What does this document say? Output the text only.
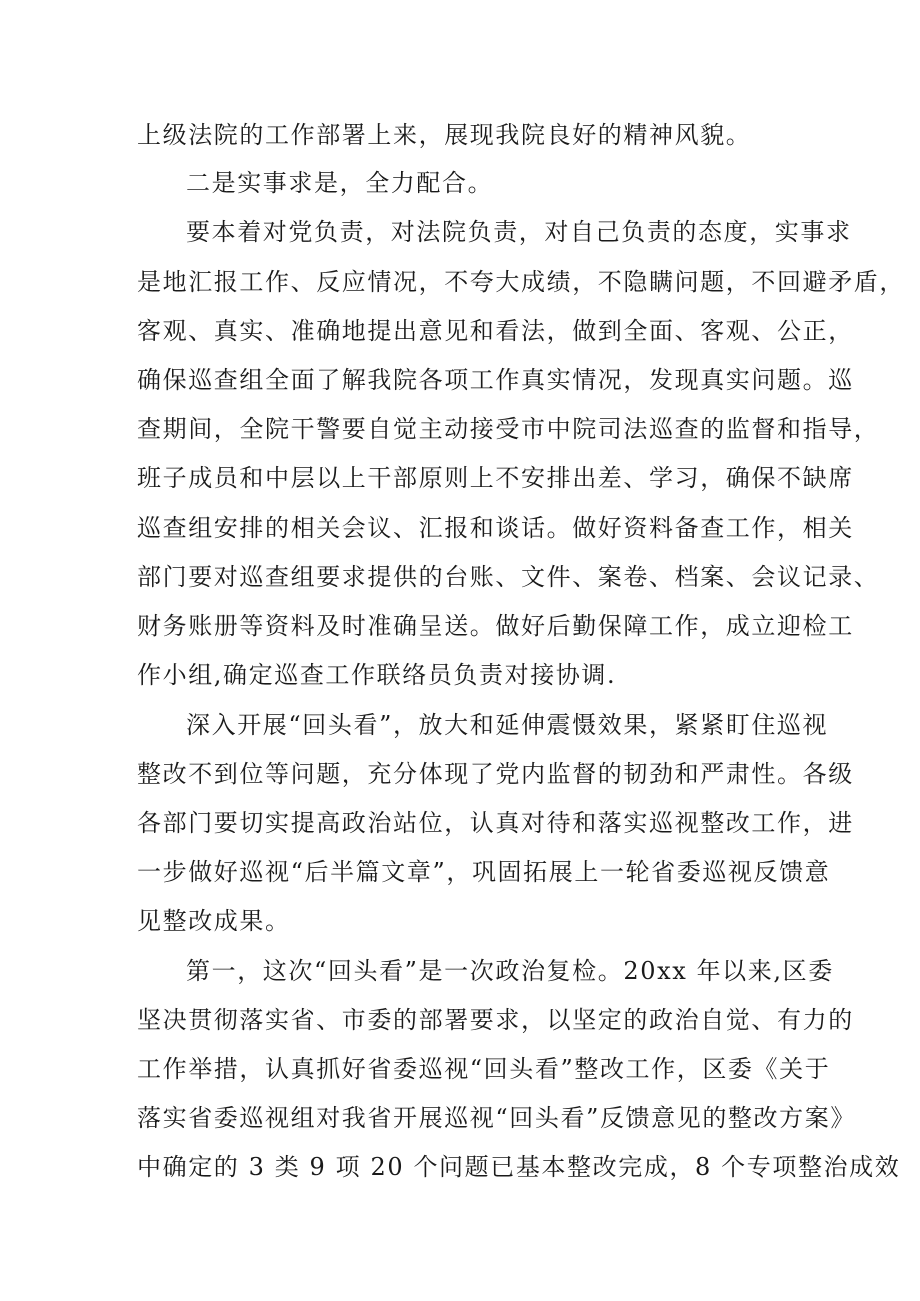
上级法院的工作部署上来，展现我院良好的精神风貌。
二是实事求是，全力配合。
要本着对党负责，对法院负责，对自己负责的态度，实事求
是地汇报工作、反应情况，不夸大成绩，不隐瞒问题，不回避矛盾，
客观、真实、准确地提出意见和看法，做到全面、客观、公正，
确保巡查组全面了解我院各项工作真实情况，发现真实问题。巡
查期间，全院干警要自觉主动接受市中院司法巡查的监督和指导，
班子成员和中层以上干部原则上不安排出差、学习，确保不缺席
巡查组安排的相关会议、汇报和谈话。做好资料备查工作，相关
部门要对巡查组要求提供的台账、文件、案卷、档案、会议记录、
财务账册等资料及时准确呈送。做好后勤保障工作，成立迎检工
作小组,确定巡查工作联络员负责对接协调.
深入开展“回头看”，放大和延伸震慑效果，紧紧盯住巡视
整改不到位等问题，充分体现了党内监督的韧劲和严肃性。各级
各部门要切实提高政治站位，认真对待和落实巡视整改工作，进
一步做好巡视“后半篇文章”，巩固拓展上一轮省委巡视反馈意
见整改成果。
第一，这次“回头看”是一次政治复检。20xx 年以来,区委
坚决贯彻落实省、市委的部署要求，以坚定的政治自觉、有力的
工作举措，认真抓好省委巡视“回头看”整改工作，区委《关于
落实省委巡视组对我省开展巡视“回头看”反馈意见的整改方案》
中确定的 3 类 9 项 20 个问题已基本整改完成，8 个专项整治成效
